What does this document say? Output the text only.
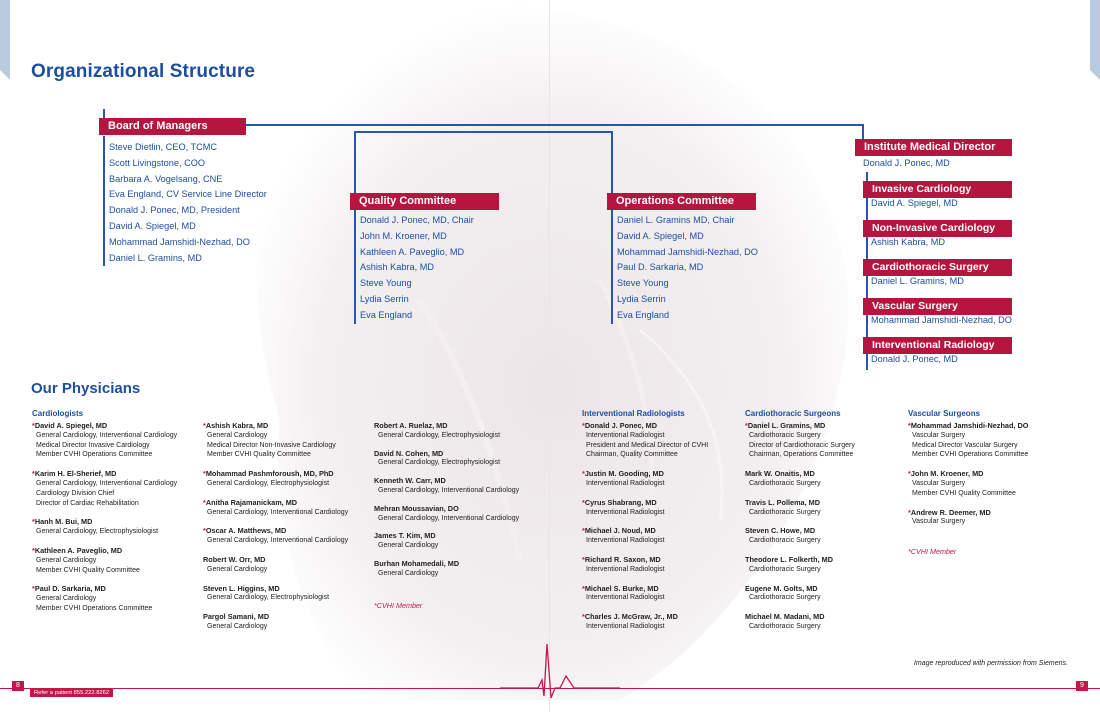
Organizational Structure
Board of Managers
Steve Dietlin, CEO, TCMC
Scott Livingstone, COO
Barbara A. Vogelsang, CNE
Eva England, CV Service Line Director
Donald J. Ponec, MD, President
David A. Spiegel, MD
Mohammad Jamshidi-Nezhad, DO
Daniel L. Gramins, MD
Quality Committee
Donald J. Ponec, MD, Chair
John M. Kroener, MD
Kathleen A. Paveglio, MD
Ashish Kabra, MD
Steve Young
Lydia Serrin
Eva England
Operations Committee
Daniel L. Gramins MD, Chair
David A. Spiegel, MD
Mohammad Jamshidi-Nezhad, DO
Paul D. Sarkaria, MD
Steve Young
Lydia Serrin
Eva England
Institute Medical Director
Donald J. Ponec, MD
Invasive Cardiology
David A. Spiegel, MD
Non-Invasive Cardiology
Ashish Kabra, MD
Cardiothoracic Surgery
Daniel L. Gramins, MD
Vascular Surgery
Mohammad Jamshidi-Nezhad, DO
Interventional Radiology
Donald J. Ponec, MD
Our Physicians
Cardiologists
*David A. Spiegel, MD
General Cardiology, Interventional Cardiology
Medical Director Invasive Cardiology
Member CVHI Operations Committee
*Karim H. El-Sherief, MD
General Cardiology, Interventional Cardiology
Cardiology Division Chief
Director of Cardiac Rehabilitation
*Hanh M. Bui, MD
General Cardiology, Electrophysiologist
*Kathleen A. Paveglio, MD
General Cardiology
Member CVHI Quality Committee
*Paul D. Sarkaria, MD
General Cardiology
Member CVHI Operations Committee
*Ashish Kabra, MD
General Cardiology
Medical Director Non-Invasive Cardiology
Member CVHI Quality Committee
*Mohammad Pashmforoush, MD, PhD
General Cardiology, Electrophysiologist
*Anitha Rajamanickam, MD
General Cardiology, Interventional Cardiology
*Oscar A. Matthews, MD
General Cardiology, Interventional Cardiology
Robert W. Orr, MD
General Cardiology
Steven L. Higgins, MD
General Cardiology, Electrophysiologist
Pargol Samani, MD
General Cardiology
Robert A. Ruelaz, MD
General Cardiology, Electrophysiologist
David N. Cohen, MD
General Cardiology, Electrophysiologist
Kenneth W. Carr, MD
General Cardiology, Interventional Cardiology
Mehran Moussavian, DO
General Cardiology, Interventional Cardiology
James T. Kim, MD
General Cardiology
Burhan Mohamedali, MD
General Cardiology
*CVHI Member
Interventional Radiologists
*Donald J. Ponec, MD
Interventional Radiologist
President and Medical Director of CVHI
Chairman, Quality Committee
*Justin M. Gooding, MD
Interventional Radiologist
*Cyrus Shabrang, MD
Interventional Radiologist
*Michael J. Noud, MD
Interventional Radiologist
*Richard R. Saxon, MD
Interventional Radiologist
*Michael S. Burke, MD
Interventional Radiologist
*Charles J. McGraw, Jr., MD
Interventional Radiologist
Cardiothoracic Surgeons
*Daniel L. Gramins, MD
Cardiothoracic Surgery
Director of Cardiothoracic Surgery
Chairman, Operations Committee
Mark W. Onaitis, MD
Cardiothoracic Surgery
Travis L. Pollema, MD
Cardiothoracic Surgery
Steven C. Howe, MD
Cardiothoracic Surgery
Theodore L. Folkerth, MD
Cardiothoracic Surgery
Eugene M. Golts, MD
Cardiothoracic Surgery
Michael M. Madani, MD
Cardiothoracic Surgery
Vascular Surgeons
*Mohammad Jamshidi-Nezhad, DO
Vascular Surgery
Medical Director Vascular Surgery
Member CVHI Operations Committee
*John M. Kroener, MD
Vascular Surgery
Member CVHI Quality Committee
*Andrew R. Deemer, MD
Vascular Surgery
*CVHI Member
Image reproduced with permission from Siemens.
8
Refer a patient 855.222.8262
9
